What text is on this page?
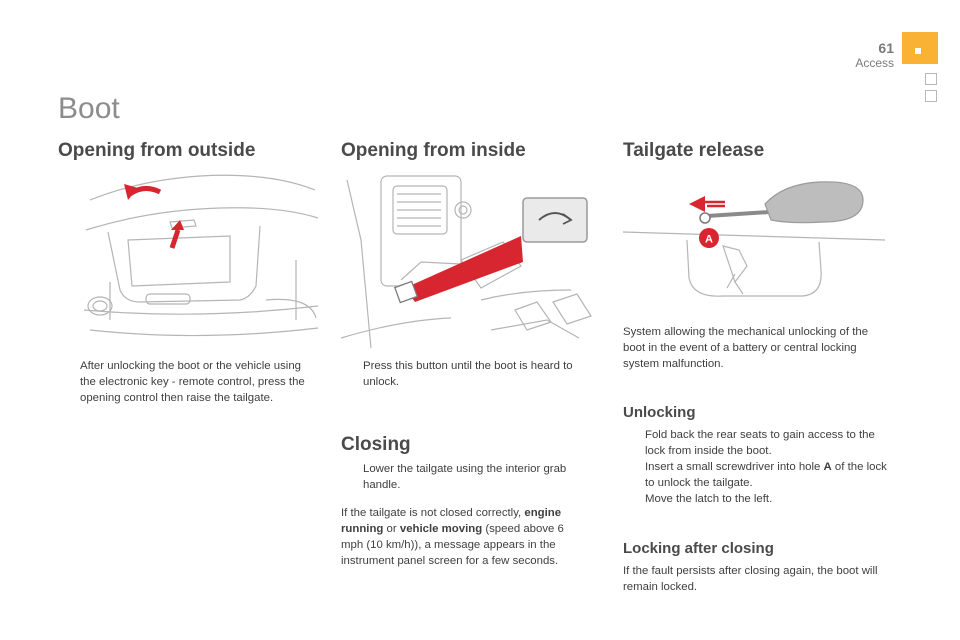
61
Access
Boot
Opening from outside
After unlocking the boot or the vehicle using the electronic key - remote control, press the opening control then raise the tailgate.
Opening from inside
Press this button until the boot is heard to unlock.
Closing
Lower the tailgate using the interior grab handle.
If the tailgate is not closed correctly, engine running or vehicle moving (speed above 6 mph (10 km/h)), a message appears in the instrument panel screen for a few seconds.
Tailgate release
A
System allowing the mechanical unlocking of the boot in the event of a battery or central locking system malfunction.
Unlocking
Fold back the rear seats to gain access to the lock from inside the boot.
Insert a small screwdriver into hole A of the lock to unlock the tailgate.
Move the latch to the left.
Locking after closing
If the fault persists after closing again, the boot will remain locked.
